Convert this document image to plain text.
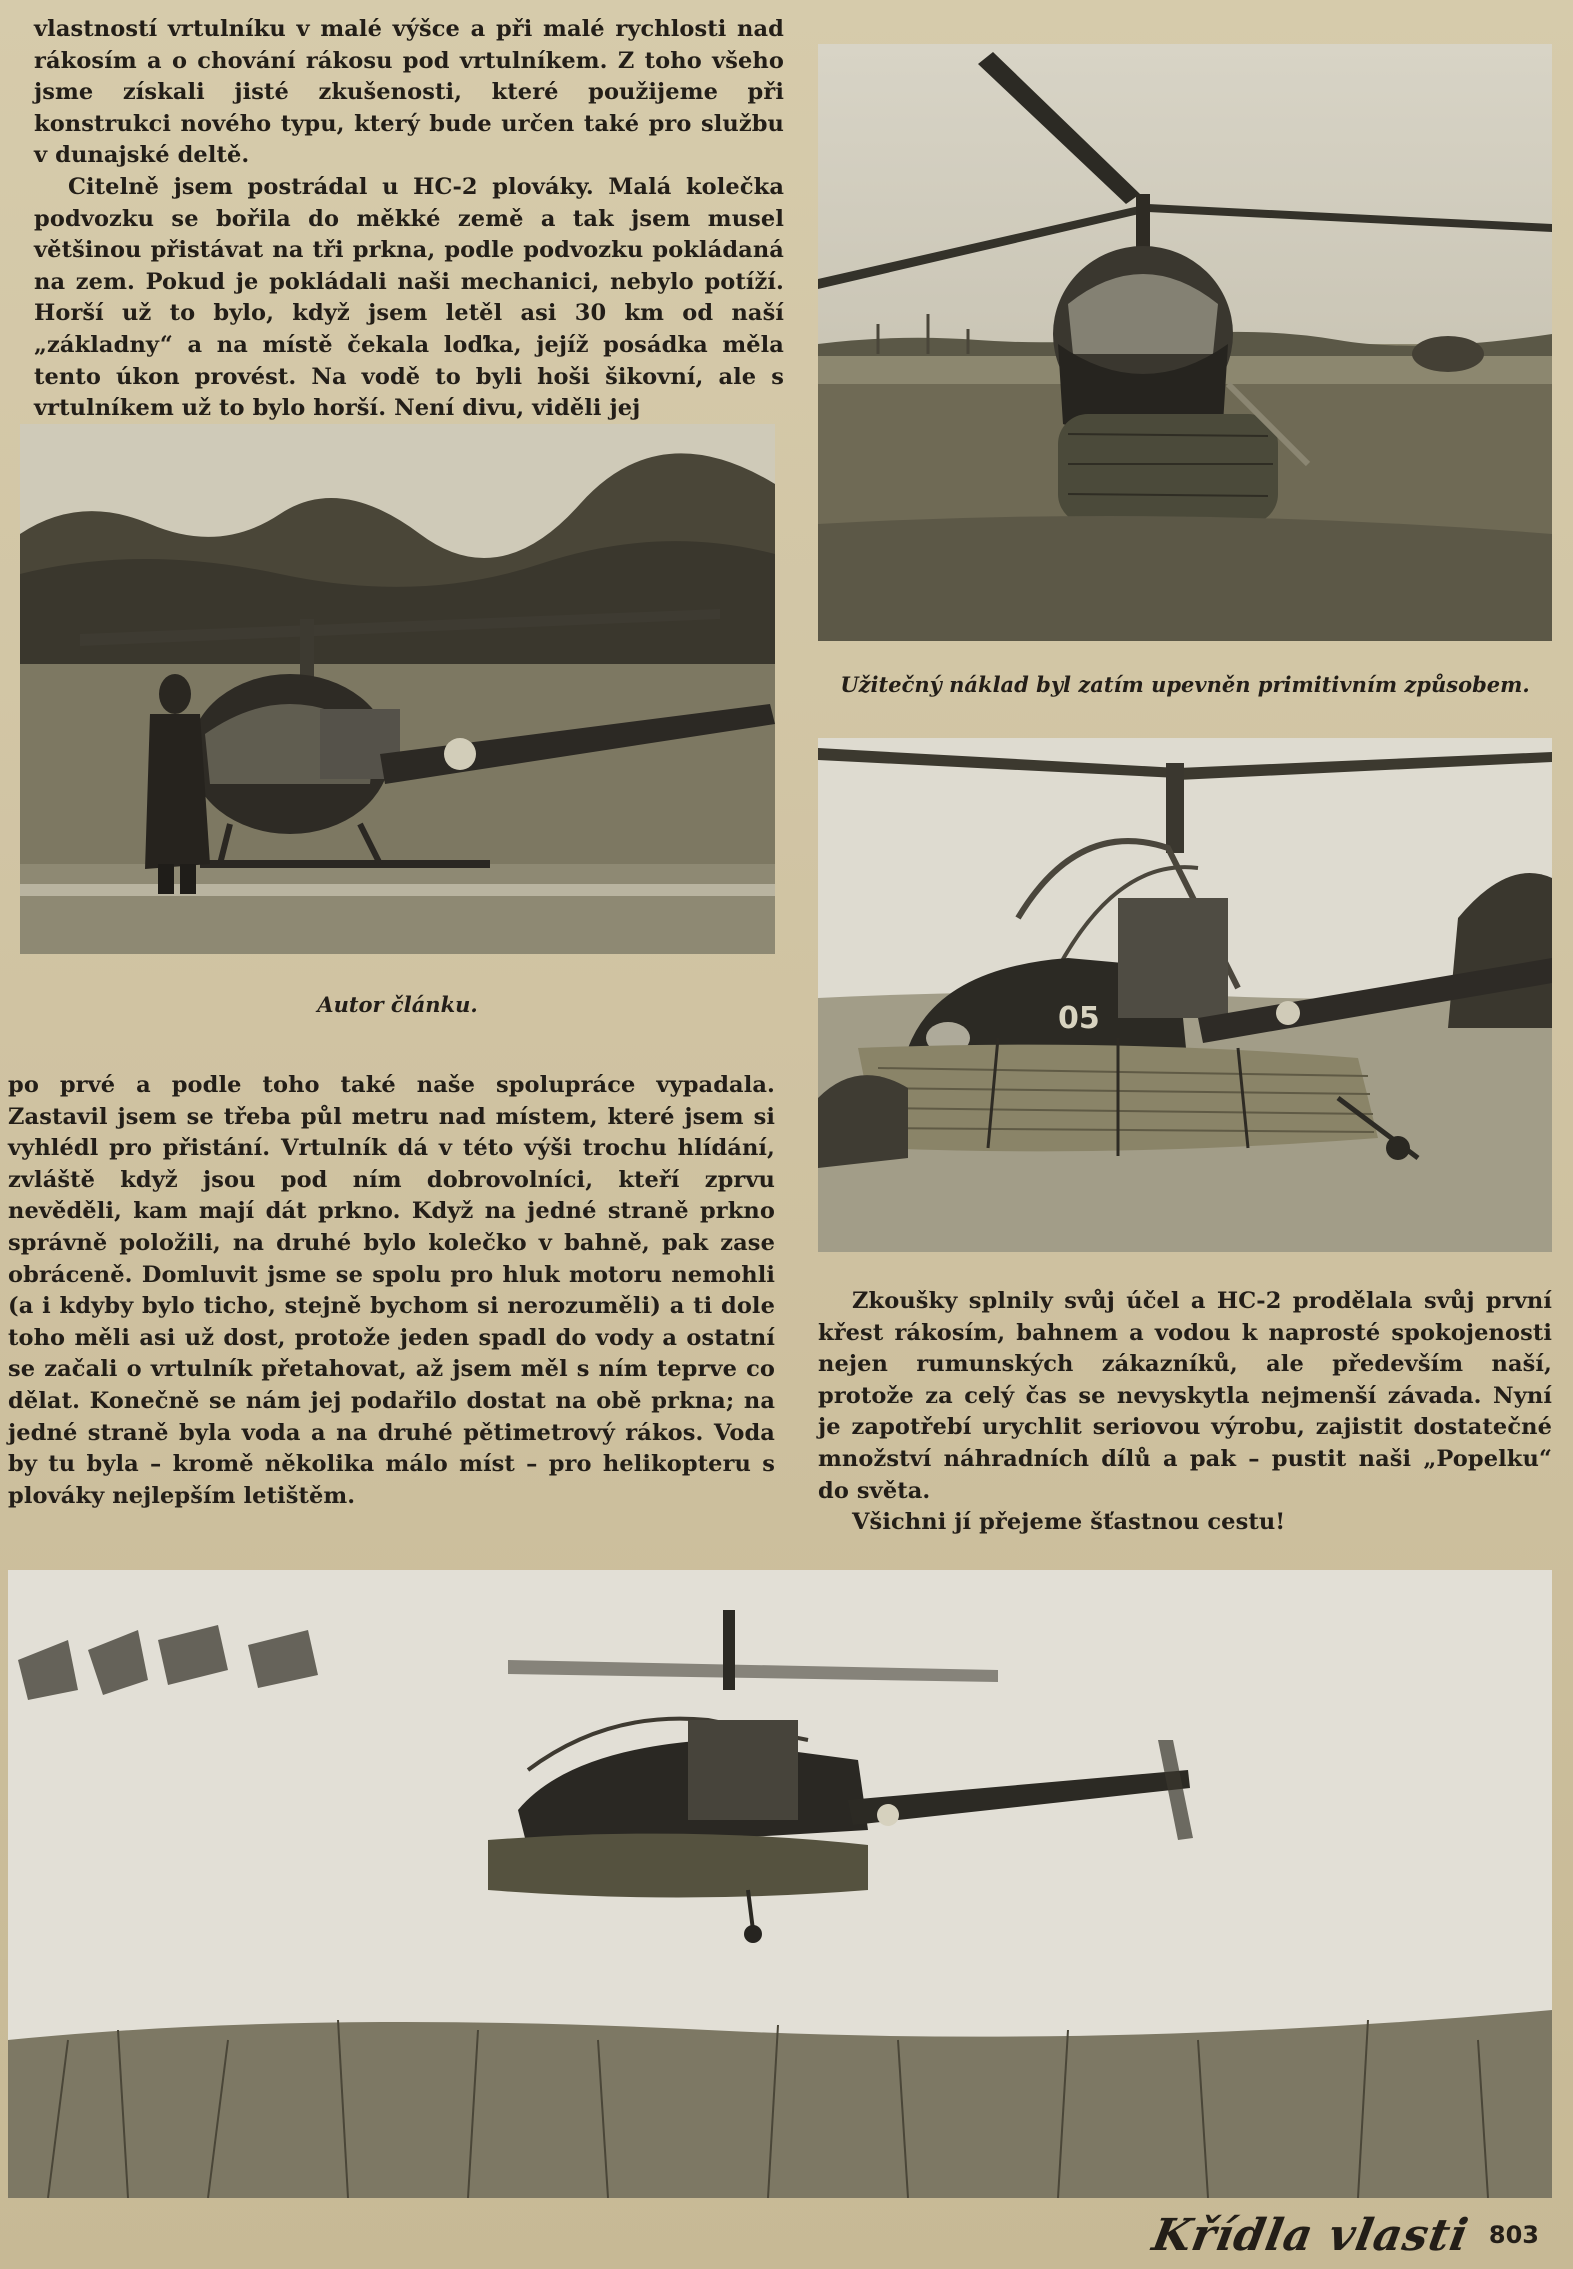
vlastností vrtulníku v malé výšce a při malé rychlosti nad rákosím a o chování rákosu pod vrtulníkem. Z toho všeho jsme získali jisté zkušenosti, které použijeme při konstrukci nového typu, který bude určen také pro službu v dunajské deltě.

Citelně jsem postrádal u HC-2 plováky. Malá kolečka podvozku se bořila do měkké země a tak jsem musel většinou přistávat na tři prkna, podle podvozku pokládaná na zem. Pokud je pokládali naši mechanici, nebylo potíží. Horší už to bylo, když jsem letěl asi 30 km od naší „základny“ a na místě čekala loďka, jejíž posádka měla tento úkon provést. Na vodě to byli hoši šikovní, ale s vrtulníkem už to bylo horší. Není divu, viděli jej

Užitečný náklad byl zatím upevněn primitivním způsobem.
Autor článku.	05

po prvé a podle toho také naše spolupráce vypadala. Zastavil jsem se třeba půl metru nad místem, které jsem si vyhlédl pro přistání. Vrtulník dá v této výši trochu hlídání, zvláště když jsou pod ním dobrovolníci, kteří zprvu nevěděli, kam mají dát prkno. Když na jedné straně prkno správně položili, na druhé bylo kolečko v bahně, pak zase obráceně. Domluvit jsme se spolu pro hluk motoru nemohli (a i kdyby bylo ticho, stejně bychom si nerozuměli) a ti dole toho měli asi už dost, protože jeden spadl do vody a ostatní se začali o vrtulník přetahovat, až jsem měl s ním teprve co dělat. Konečně se nám jej podařilo dostat na obě prkna; na jedné straně byla voda a na druhé pětimetrový rákos. Voda by tu byla – kromě několika málo míst – pro helikopteru s plováky nejlepším letištěm.

Zkoušky splnily svůj účel a HC-2 prodělala svůj první křest rákosím, bahnem a vodou k naprosté spokojenosti nejen rumunských zákazníků, ale především naší, protože za celý čas se nevyskytla nejmenší závada. Nyní je zapotřebí urychlit seriovou výrobu, zajistit dostatečné množství náhradních dílů a pak – pustit naši „Popelku“ do světa.

Všichni jí přejeme šťastnou cestu!

Křídla vlasti 803
